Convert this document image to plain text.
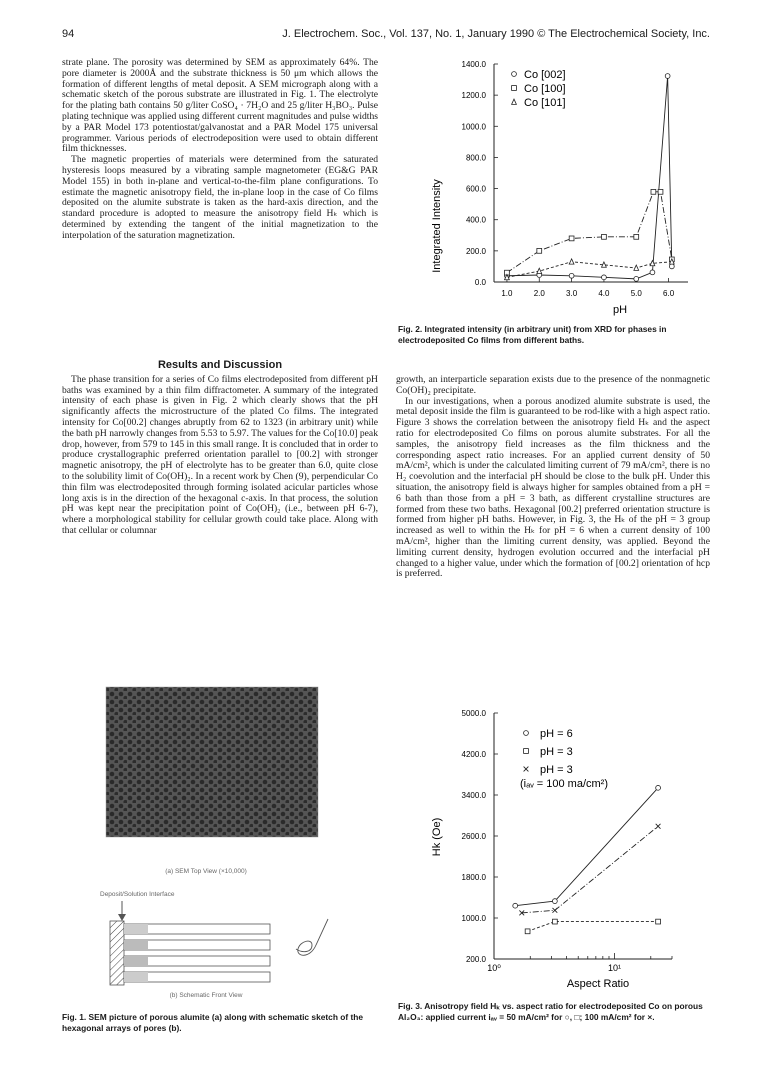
94	J. Electrochem. Soc., Vol. 137, No. 1, January 1990 © The Electrochemical Society, Inc.

strate plane. The porosity was determined by SEM as approximately 64%. The pore diameter is 2000Å and the substrate thickness is 50 μm which allows the formation of different lengths of metal deposit. A SEM micrograph along with a schematic sketch of the porous substrate are illustrated in Fig. 1. The electrolyte for the plating bath contains 50 g/liter CoSO₄ · 7H₂O and 25 g/liter H₃BO₃. Pulse plating technique was applied using different current magnitudes and pulse widths by a PAR Model 173 potentiostat/galvanostat and a PAR Model 175 universal programmer. Various periods of electrodeposition were used to obtain different film thicknesses.

The magnetic properties of materials were determined from the saturated hysteresis loops measured by a vibrating sample magnetometer (EG&G PAR Model 155) in both in-plane and vertical-to-the-film plane configurations. To estimate the magnetic anisotropy field, the in-plane loop in the case of Co films deposited on the alumite substrate is taken as the hard-axis direction, and the standard procedure is adopted to measure the anisotropy field Hₖ which is determined by extending the tangent of the initial magnetization to the interpolation of the saturation magnetization.

Results and Discussion

The phase transition for a series of Co films electrodeposited from different pH baths was examined by a thin film diffractometer. A summary of the integrated intensity of each phase is given in Fig. 2 which clearly shows that the pH significantly affects the microstructure of the plated Co films. The integrated intensity for Co[00.2] changes abruptly from 62 to 1323 (in arbitrary unit) while the bath pH narrowly changes from 5.53 to 5.97. The values for the Co[10.0] peak drop, however, from 579 to 145 in this small range. It is concluded that in order to produce crystallographic preferred orientation parallel to [00.2] with stronger magnetic anisotropy, the pH of electrolyte has to be greater than 6.0, quite close to the solubility limit of Co(OH)₂. In a recent work by Chen (9), perpendicular Co thin film was electrodeposited through forming isolated acicular particles whose long axis is in the direction of the hexagonal c-axis. In that process, the solution pH was kept near the precipitation point of Co(OH)₂ (i.e., between pH 6-7), where a morphological stability for cellular growth could take place. Along with that cellular or columnar

growth, an interparticle separation exists due to the presence of the nonmagnetic Co(OH)₂ precipitate.

In our investigations, when a porous anodized alumite substrate is used, the metal deposit inside the film is guaranteed to be rod-like with a high aspect ratio. Figure 3 shows the correlation between the anisotropy field Hₖ and the aspect ratio for electrodeposited Co films on porous alumite substrates. For all the samples, the anisotropy field increases as the film thickness and the corresponding aspect ratio increases. For an applied current density of 50 mA/cm², which is under the calculated limiting current of 79 mA/cm², there is no H₂ coevolution and the interfacial pH should be close to the bulk pH. Under this situation, the anisotropy field is always higher for samples obtained from a pH = 6 bath than those from a pH = 3 bath, as different crystalline structures are formed from these two baths. Hexagonal [00.2] preferred orientation structure is formed from higher pH baths. However, in Fig. 3, the Hₖ of the pH = 3 group increased as well to within the Hₖ for pH = 6 when a current density of 100 mA/cm², higher than the limiting current density, was applied. Beyond the limiting current density, hydrogen evolution occurred and the interfacial pH changed to a higher value, under which the formation of [00.2] orientation of hcp is preferred.

Integrated Intensity
pH
0.0
200.0
400.0
600.0
800.0
1000.0
1200.0
1400.0
1.0	2.0	3.0	4.0	5.0	6.0
Co [002]
Co [100]
Co [101]
Fig. 2. Integrated intensity (in arbitrary unit) from XRD for phases in electrodeposited Co films from different baths.
(a) SEM Top View (×10,000)
Deposit/Solution Interface
(b) Schematic Front View
Fig. 1. SEM picture of porous alumite (a) along with schematic sketch of the hexagonal arrays of pores (b).
Hk (Oe)
Aspect Ratio
200.0
1000.0
1800.0
2600.0
3400.0
4200.0
5000.0
10⁰	10¹
pH = 6
pH = 3
pH = 3
(iₐᵥ = 100 ma/cm²)
Fig. 3. Anisotropy field Hₖ vs. aspect ratio for electrodeposited Co on porous Al₂O₃: applied current iₐᵥ = 50 mA/cm² for ○, □; 100 mA/cm² for ×.
